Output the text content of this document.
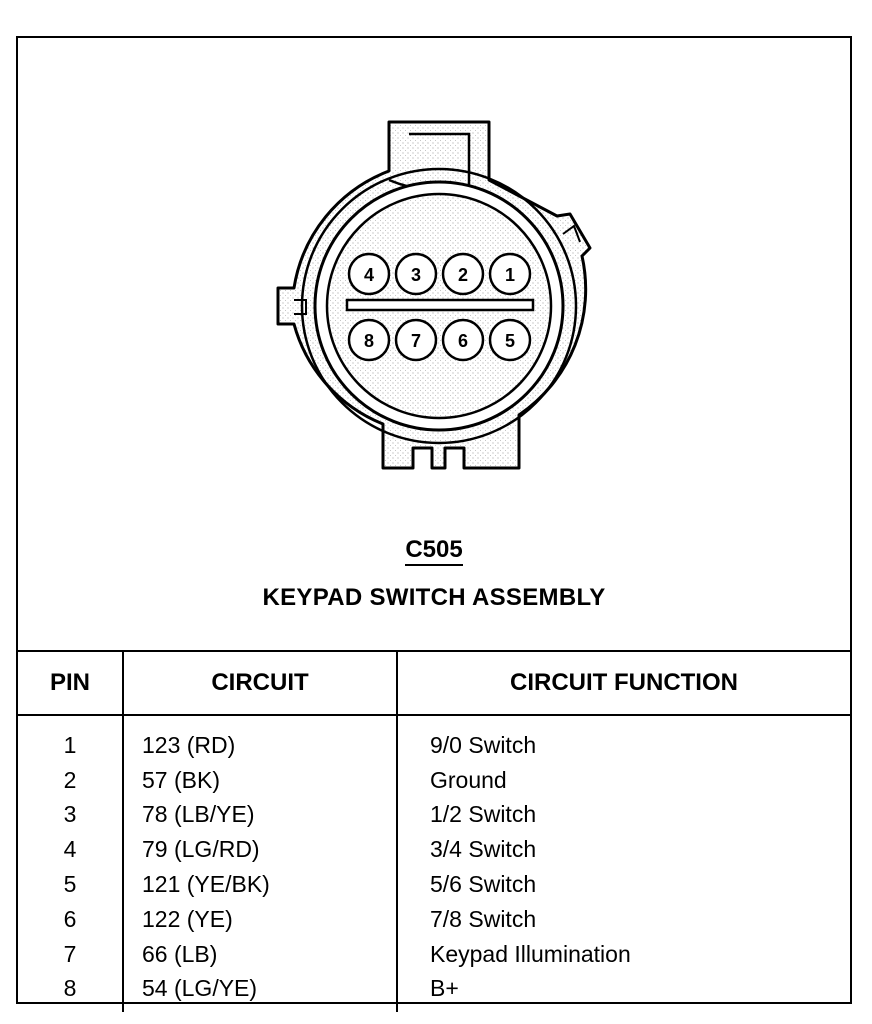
4 3 2 1
8 7 6 5
C505
KEYPAD SWITCH ASSEMBLY
PIN	CIRCUIT	CIRCUIT FUNCTION
1	123 (RD)	9/0 Switch
2	57 (BK)	Ground
3	78 (LB/YE)	1/2 Switch
4	79 (LG/RD)	3/4 Switch
5	121 (YE/BK)	5/6 Switch
6	122 (YE)	7/8 Switch
7	66 (LB)	Keypad Illumination
8	54 (LG/YE)	B+
